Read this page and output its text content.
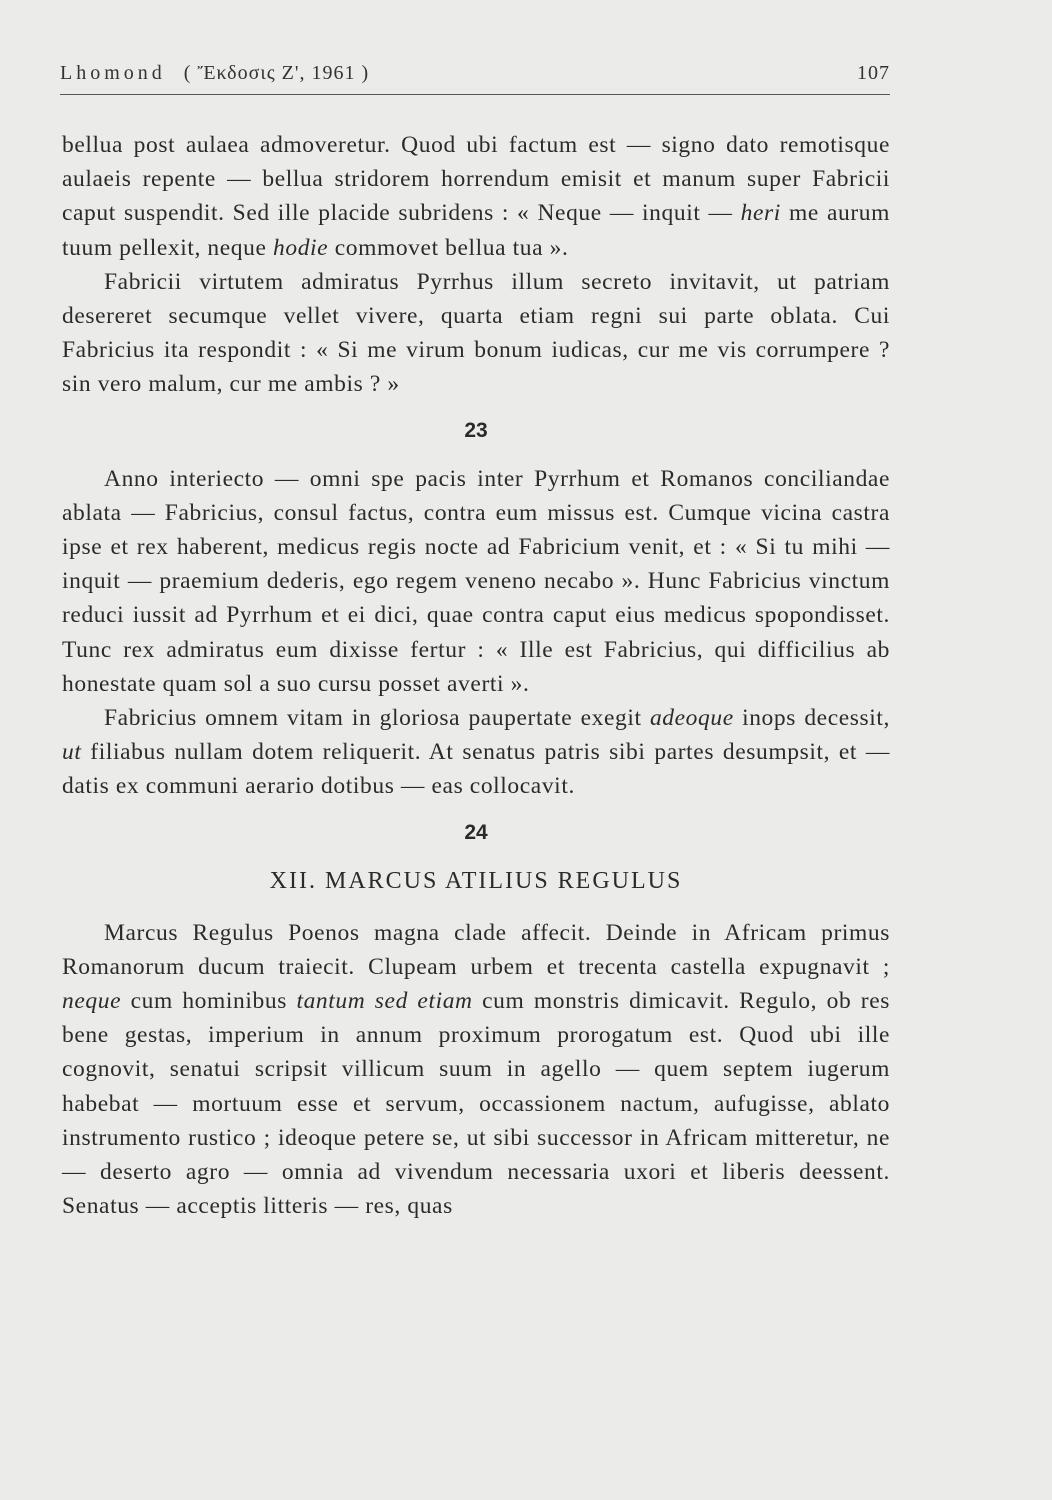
Lhomond ( Ἔκδοσις Ζ', 1961 )	107

bellua post aulaea admoveretur. Quod ubi factum est — signo dato remotisque aulaeis repente — bellua stridorem horrendum emisit et manum super Fabricii caput suspendit. Sed ille placide subridens : « Neque — inquit — heri me aurum tuum pellexit, neque hodie commovet bellua tua ».

Fabricii virtutem admiratus Pyrrhus illum secreto invitavit, ut patriam desereret secumque vellet vivere, quarta etiam regni sui parte oblata. Cui Fabricius ita respondit : « Si me virum bonum iudicas, cur me vis corrumpere ? sin vero malum, cur me ambis ? »

23

Anno interiecto — omni spe pacis inter Pyrrhum et Romanos conciliandae ablata — Fabricius, consul factus, contra eum missus est. Cumque vicina castra ipse et rex haberent, medicus regis nocte ad Fabricium venit, et : « Si tu mihi — inquit — praemium dederis, ego regem veneno necabo ». Hunc Fabricius vinctum reduci iussit ad Pyrrhum et ei dici, quae contra caput eius medicus spopondisset. Tunc rex admiratus eum dixisse fertur : « Ille est Fabricius, qui difficilius ab honestate quam sol a suo cursu posset averti ».

Fabricius omnem vitam in gloriosa paupertate exegit adeoque inops decessit, ut filiabus nullam dotem reliquerit. At senatus patris sibi partes desumpsit, et — datis ex communi aerario dotibus — eas collocavit.

24
XII. MARCUS ATILIUS REGULUS

Marcus Regulus Poenos magna clade affecit. Deinde in Africam primus Romanorum ducum traiecit. Clupeam urbem et trecenta castella expugnavit ; neque cum hominibus tantum sed etiam cum monstris dimicavit. Regulo, ob res bene gestas, imperium in annum proximum prorogatum est. Quod ubi ille cognovit, senatui scripsit villicum suum in agello — quem septem iugerum habebat — mortuum esse et servum, occassionem nactum, aufugisse, ablato instrumento rustico ; ideoque petere se, ut sibi successor in Africam mitteretur, ne — deserto agro — omnia ad vivendum necessaria uxori et liberis deessent. Senatus — acceptis litteris — res, quas
